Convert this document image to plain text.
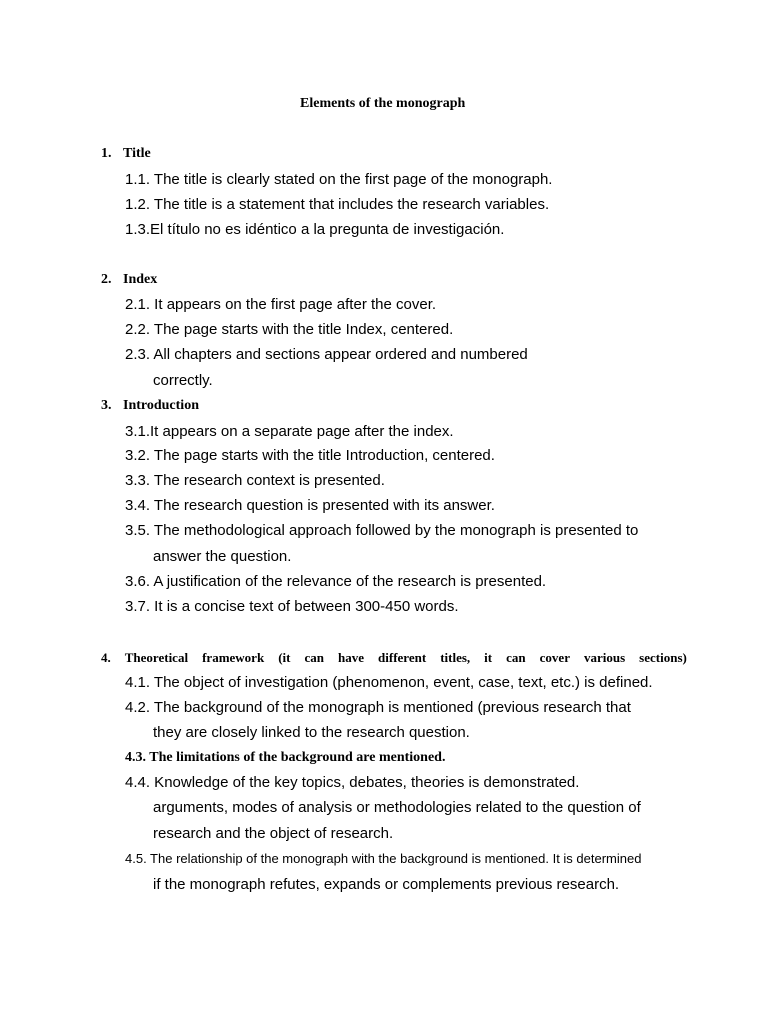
Elements of the monograph
1. Title
1.1. The title is clearly stated on the first page of the monograph.
1.2. The title is a statement that includes the research variables.
1.3.El título no es idéntico a la pregunta de investigación.
2. Index
2.1. It appears on the first page after the cover.
2.2. The page starts with the title Index, centered.
2.3. All chapters and sections appear ordered and numbered
correctly.
3. Introduction
3.1.It appears on a separate page after the index.
3.2. The page starts with the title Introduction, centered.
3.3. The research context is presented.
3.4. The research question is presented with its answer.
3.5. The methodological approach followed by the monograph is presented to
answer the question.
3.6. A justification of the relevance of the research is presented.
3.7. It is a concise text of between 300-450 words.
4. Theoretical framework (it can have different titles, it can cover various sections)
4.1. The object of investigation (phenomenon, event, case, text, etc.) is defined.
4.2. The background of the monograph is mentioned (previous research that
they are closely linked to the research question.
4.3. The limitations of the background are mentioned.
4.4. Knowledge of the key topics, debates, theories is demonstrated.
arguments, modes of analysis or methodologies related to the question of
research and the object of research.
4.5. The relationship of the monograph with the background is mentioned. It is determined
if the monograph refutes, expands or complements previous research.
